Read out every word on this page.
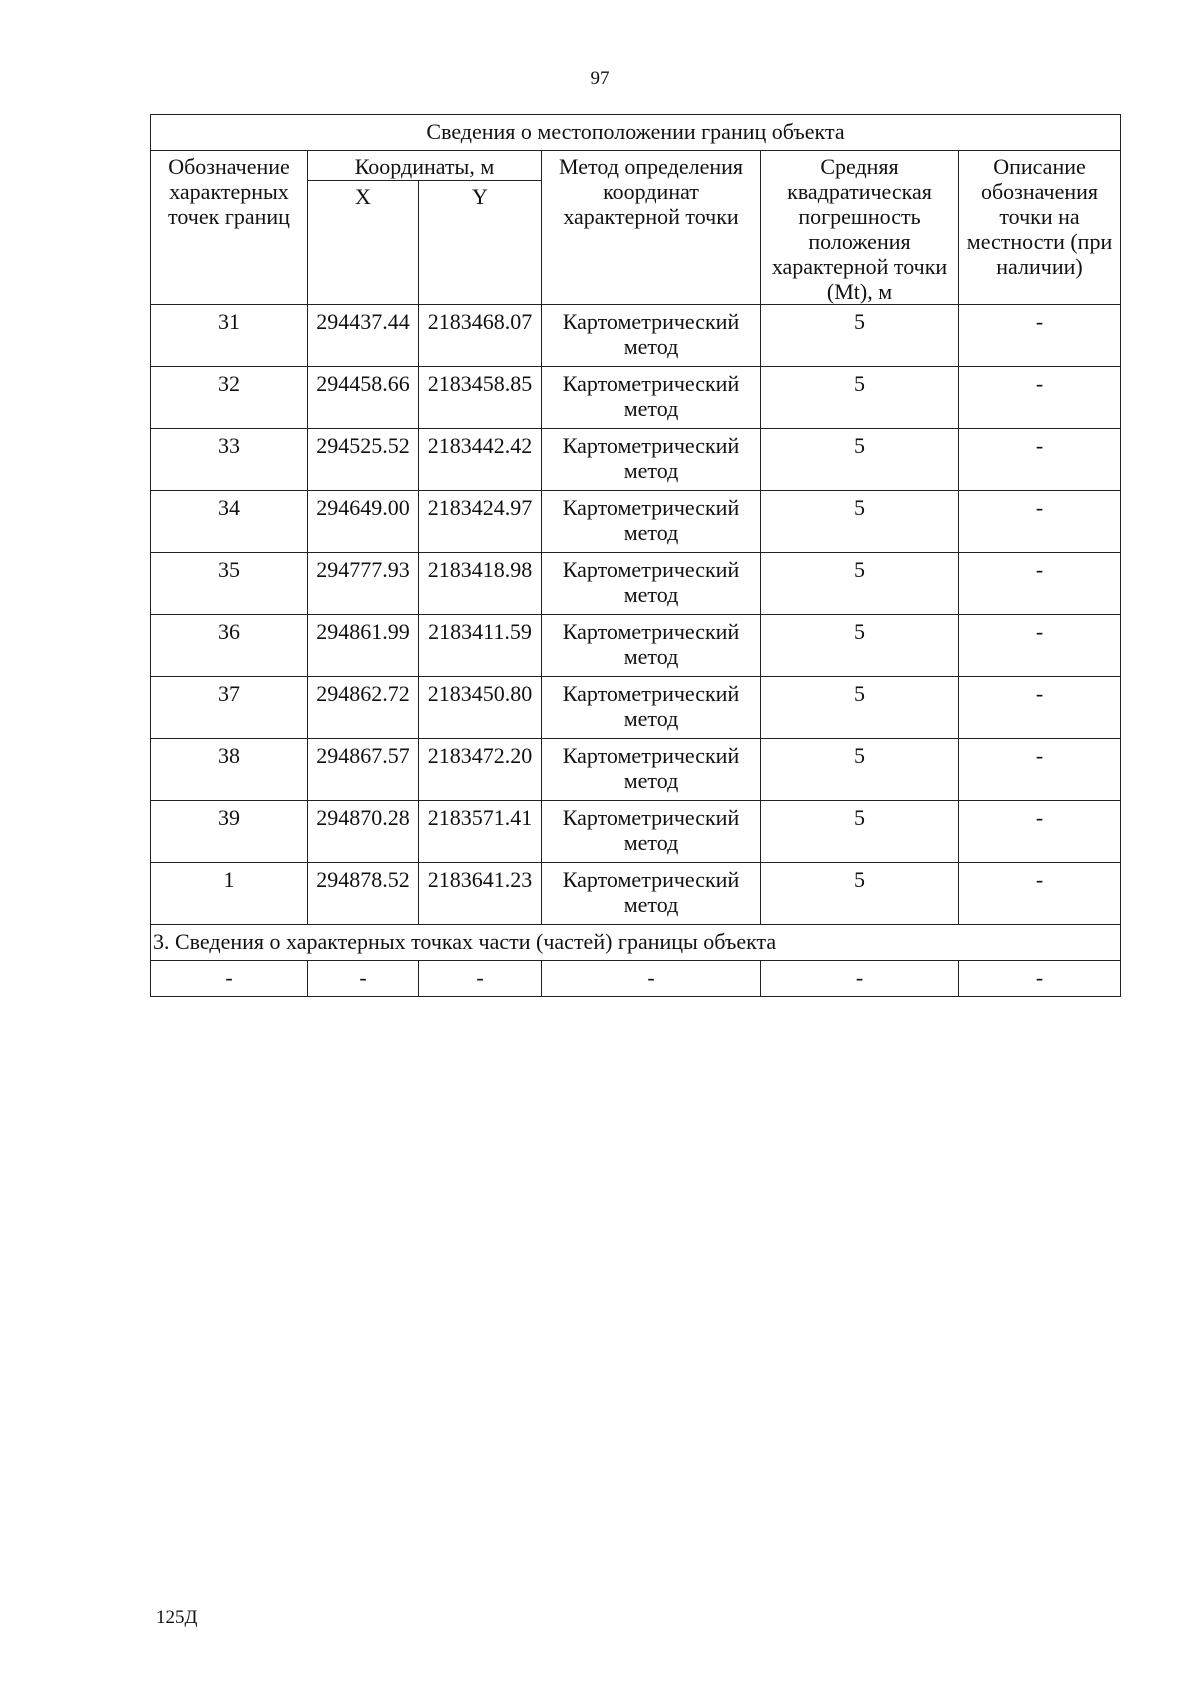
97
Сведения о местоположении границ объекта					
Обозначение характерных точек границ	Координаты, м		Метод определения координат характерной точки	Средняя квадратическая погрешность положения характерной точки (Mt), м	Описание обозначения точки на местности (при наличии)
	X	Y			
31	294437.44	2183468.07	Картометрический метод	5	-
32	294458.66	2183458.85	Картометрический метод	5	-
33	294525.52	2183442.42	Картометрический метод	5	-
34	294649.00	2183424.97	Картометрический метод	5	-
35	294777.93	2183418.98	Картометрический метод	5	-
36	294861.99	2183411.59	Картометрический метод	5	-
37	294862.72	2183450.80	Картометрический метод	5	-
38	294867.57	2183472.20	Картометрический метод	5	-
39	294870.28	2183571.41	Картометрический метод	5	-
1	294878.52	2183641.23	Картометрический метод	5	-
3. Сведения о характерных точках части (частей) границы объекта					
-	-	-	-	-	-
125Д
